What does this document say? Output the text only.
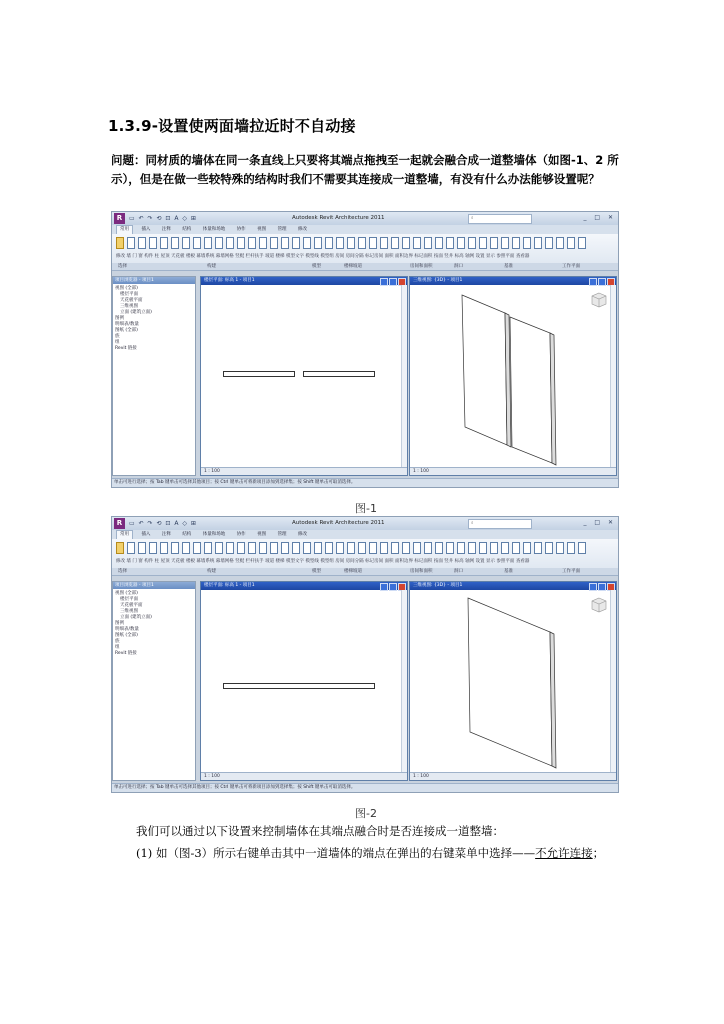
1.3.9-设置使两面墙拉近时不自动接
问题：同材质的墙体在同一条直线上只要将其端点拖拽至一起就会融合成一道整墙体（如图-1、2 所示），但是在做一些较特殊的结构时我们不需要其连接成一道整墙，有没有什么办法能够设置呢？
R	▭ ↶ ↷ ⟲ ⊡ A ◇ ⊞	Autodesk Revit Architecture 2011	⌕	_ □ ✕
常用	插入	注释	结构	体量和场地	协作	视图	管理	修改
修改 墙 门 窗 构件 柱 屋顶 天花板 楼板 幕墙系统 幕墙网格 竖梃 栏杆扶手 坡道 楼梯 模型文字 模型线 模型组 房间 房间分隔 标记房间 面积 面积边界 标记面积 按面 竖井 标高 轴网 设置 显示 参照平面 查看器
选择	构建	模型	楼梯坡道	房间和面积	洞口	基准	工作平面
项目浏览器 - 项目1
视图 (全部)
楼层平面
天花板平面
三维视图
立面 (建筑立面)
图例
明细表/数量
图纸 (全部)
族
组
Revit 链接
楼层平面: 标高 1 - 项目1
1 : 100
三维视图: {3D} - 项目1
1 : 100
单击可进行选择；按 Tab 键单击可选择其他项目；按 Ctrl 键单击可将新项目添加到选择集；按 Shift 键单击可取消选择。
图-1
R	▭ ↶ ↷ ⟲ ⊡ A ◇ ⊞	Autodesk Revit Architecture 2011	⌕	_ □ ✕
常用	插入	注释	结构	体量和场地	协作	视图	管理	修改
修改 墙 门 窗 构件 柱 屋顶 天花板 楼板 幕墙系统 幕墙网格 竖梃 栏杆扶手 坡道 楼梯 模型文字 模型线 模型组 房间 房间分隔 标记房间 面积 面积边界 标记面积 按面 竖井 标高 轴网 设置 显示 参照平面 查看器
选择	构建	模型	楼梯坡道	房间和面积	洞口	基准	工作平面
项目浏览器 - 项目1
视图 (全部)
楼层平面
天花板平面
三维视图
立面 (建筑立面)
图例
明细表/数量
图纸 (全部)
族
组
Revit 链接
楼层平面: 标高 1 - 项目1
1 : 100
三维视图: {3D} - 项目1
1 : 100
单击可进行选择；按 Tab 键单击可选择其他项目；按 Ctrl 键单击可将新项目添加到选择集；按 Shift 键单击可取消选择。
图-2
我们可以通过以下设置来控制墙体在其端点融合时是否连接成一道整墙：
(1) 如（图-3）所示右键单击其中一道墙体的端点在弹出的右键菜单中选择——不允许连接；
